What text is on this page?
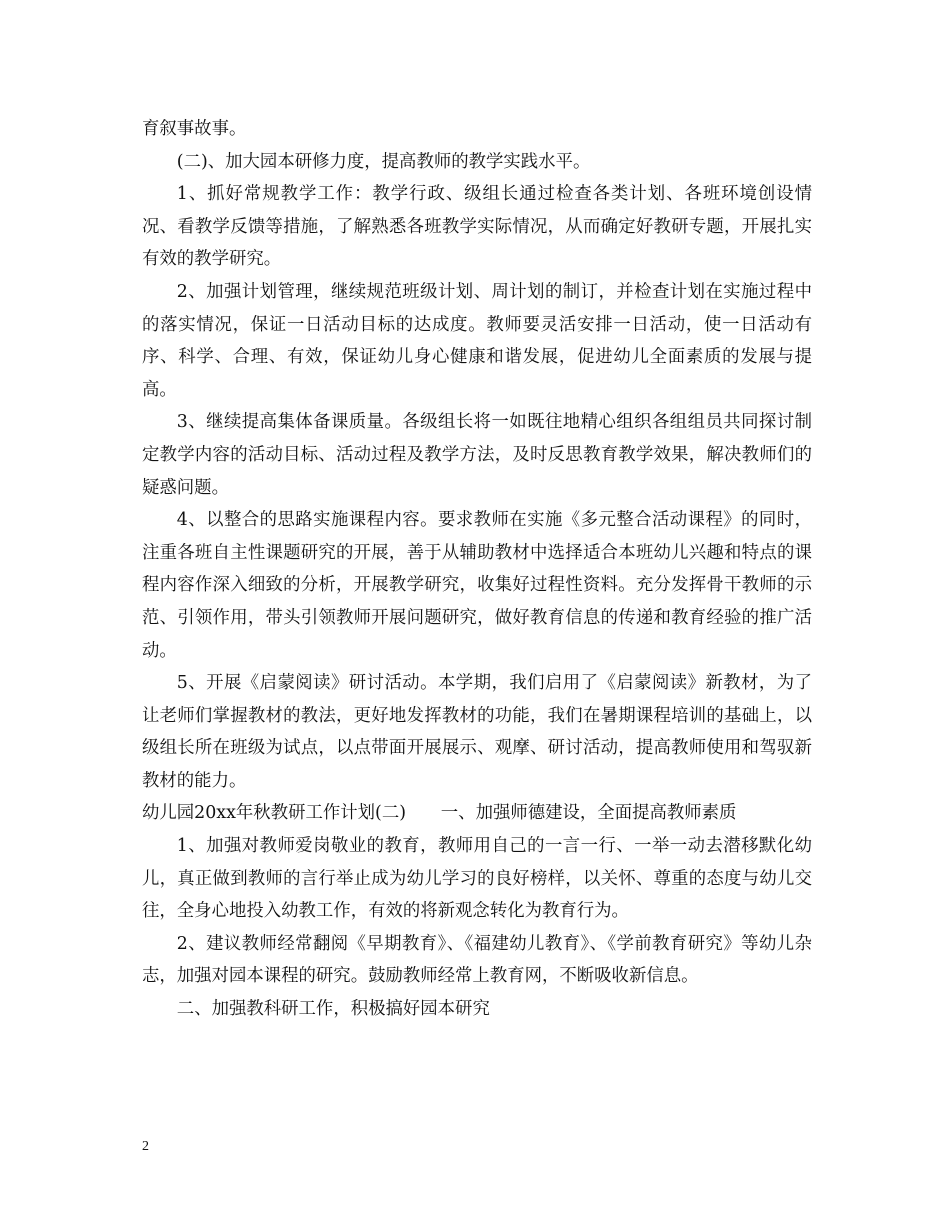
育叙事故事。

(二)、加大园本研修力度，提高教师的教学实践水平。

1、抓好常规教学工作：教学行政、级组长通过检查各类计划、各班环境创设情况、看教学反馈等措施，了解熟悉各班教学实际情况，从而确定好教研专题，开展扎实有效的教学研究。

2、加强计划管理，继续规范班级计划、周计划的制订，并检查计划在实施过程中的落实情况，保证一日活动目标的达成度。教师要灵活安排一日活动，使一日活动有序、科学、合理、有效，保证幼儿身心健康和谐发展，促进幼儿全面素质的发展与提高。

3、继续提高集体备课质量。各级组长将一如既往地精心组织各组组员共同探讨制定教学内容的活动目标、活动过程及教学方法，及时反思教育教学效果，解决教师们的疑惑问题。

4、以整合的思路实施课程内容。要求教师在实施《多元整合活动课程》的同时，注重各班自主性课题研究的开展，善于从辅助教材中选择适合本班幼儿兴趣和特点的课程内容作深入细致的分析，开展教学研究，收集好过程性资料。充分发挥骨干教师的示范、引领作用，带头引领教师开展问题研究，做好教育信息的传递和教育经验的推广活动。

5、开展《启蒙阅读》研讨活动。本学期，我们启用了《启蒙阅读》新教材，为了让老师们掌握教材的教法，更好地发挥教材的功能，我们在暑期课程培训的基础上，以级组长所在班级为试点，以点带面开展展示、观摩、研讨活动，提高教师使用和驾驭新教材的能力。

幼儿园20xx年秋教研工作计划(二)　　一、加强师德建设，全面提高教师素质

1、加强对教师爱岗敬业的教育，教师用自己的一言一行、一举一动去潜移默化幼儿，真正做到教师的言行举止成为幼儿学习的良好榜样，以关怀、尊重的态度与幼儿交往，全身心地投入幼教工作，有效的将新观念转化为教育行为。

2、建议教师经常翻阅《早期教育》、《福建幼儿教育》、《学前教育研究》等幼儿杂志，加强对园本课程的研究。鼓励教师经常上教育网，不断吸收新信息。

二、加强教科研工作，积极搞好园本研究

2
